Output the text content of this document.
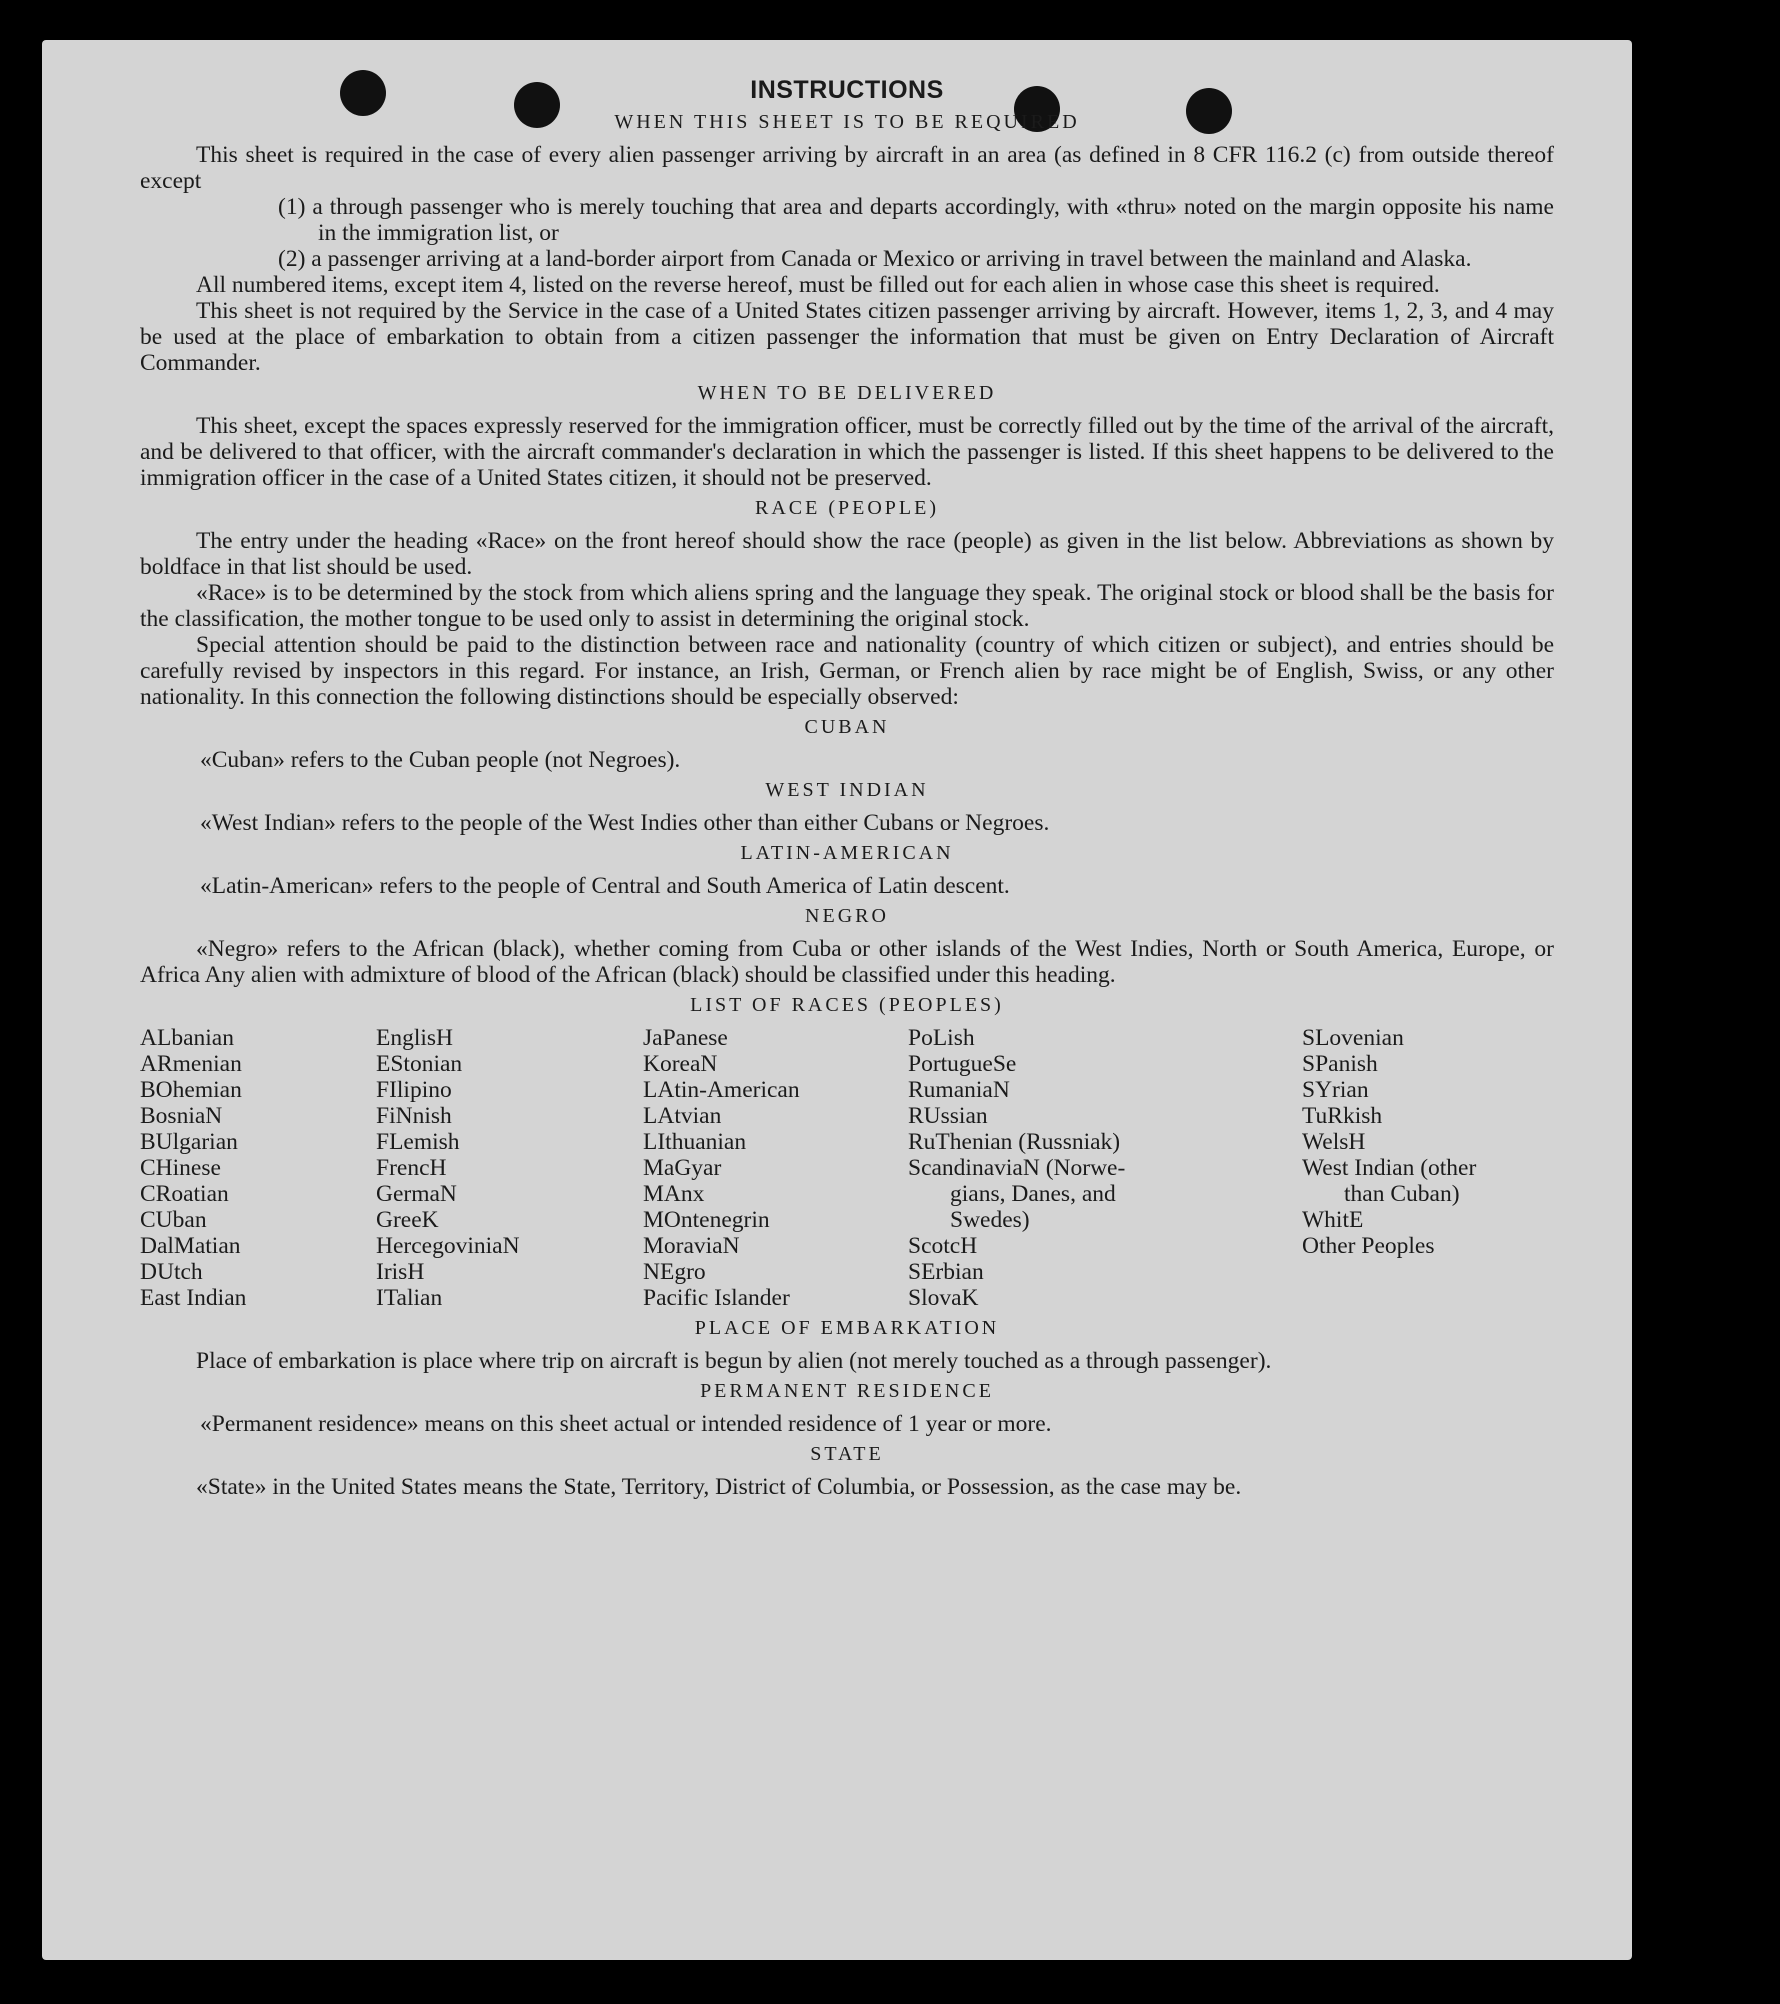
INSTRUCTIONS
WHEN THIS SHEET IS TO BE REQUIRED

This sheet is required in the case of every alien passenger arriving by aircraft in an area (as defined in 8 CFR 116.2 (c) from outside thereof except

(1) a through passenger who is merely touching that area and departs accordingly, with «thru» noted on the margin opposite his name in the immigration list, or

(2) a passenger arriving at a land-border airport from Canada or Mexico or arriving in travel between the mainland and Alaska.

All numbered items, except item 4, listed on the reverse hereof, must be filled out for each alien in whose case this sheet is required.

This sheet is not required by the Service in the case of a United States citizen passenger arriving by aircraft. However, items 1, 2, 3, and 4 may be used at the place of embarkation to obtain from a citizen passenger the information that must be given on Entry Declaration of Aircraft Commander.

WHEN TO BE DELIVERED

This sheet, except the spaces expressly reserved for the immigration officer, must be correctly filled out by the time of the arrival of the aircraft, and be delivered to that officer, with the aircraft commander's declaration in which the passenger is listed. If this sheet happens to be delivered to the immigration officer in the case of a United States citizen, it should not be preserved.

RACE (PEOPLE)

The entry under the heading «Race» on the front hereof should show the race (people) as given in the list below. Abbreviations as shown by boldface in that list should be used.

«Race» is to be determined by the stock from which aliens spring and the language they speak. The original stock or blood shall be the basis for the classification, the mother tongue to be used only to assist in determining the original stock.

Special attention should be paid to the distinction between race and nationality (country of which citizen or subject), and entries should be carefully revised by inspectors in this regard. For instance, an Irish, German, or French alien by race might be of English, Swiss, or any other nationality. In this connection the following distinctions should be especially observed:

CUBAN

«Cuban» refers to the Cuban people (not Negroes).

WEST INDIAN

«West Indian» refers to the people of the West Indies other than either Cubans or Negroes.

LATIN-AMERICAN

«Latin-American» refers to the people of Central and South America of Latin descent.

NEGRO

«Negro» refers to the African (black), whether coming from Cuba or other islands of the West Indies, North or South America, Europe, or Africa Any alien with admixture of blood of the African (black) should be classified under this heading.

LIST OF RACES (PEOPLES)
ALbanian
ARmenian
BOhemian
BosniaN
BUlgarian
CHinese
CRoatian
CUban
DalMatian
DUtch
East Indian
EnglisH
EStonian
FIlipino
FiNnish
FLemish
FrencH
GermaN
GreeK
HercegoviniaN
IrisH
ITalian
JaPanese
KoreaN
LAtin-American
LAtvian
LIthuanian
MaGyar
MAnx
MOntenegrin
MoraviaN
NEgro
Pacific Islander
PoLish
PortugueSe
RumaniaN
RUssian
RuThenian (Russniak)
ScandinaviaN (Norwe-
gians, Danes, and
Swedes)
ScotcH
SErbian
SlovaK
SLovenian
SPanish
SYrian
TuRkish
WelsH
West Indian (other
than Cuban)
WhitE
Other Peoples
PLACE OF EMBARKATION

Place of embarkation is place where trip on aircraft is begun by alien (not merely touched as a through passenger).

PERMANENT RESIDENCE

«Permanent residence» means on this sheet actual or intended residence of 1 year or more.

STATE

«State» in the United States means the State, Territory, District of Columbia, or Possession, as the case may be.
